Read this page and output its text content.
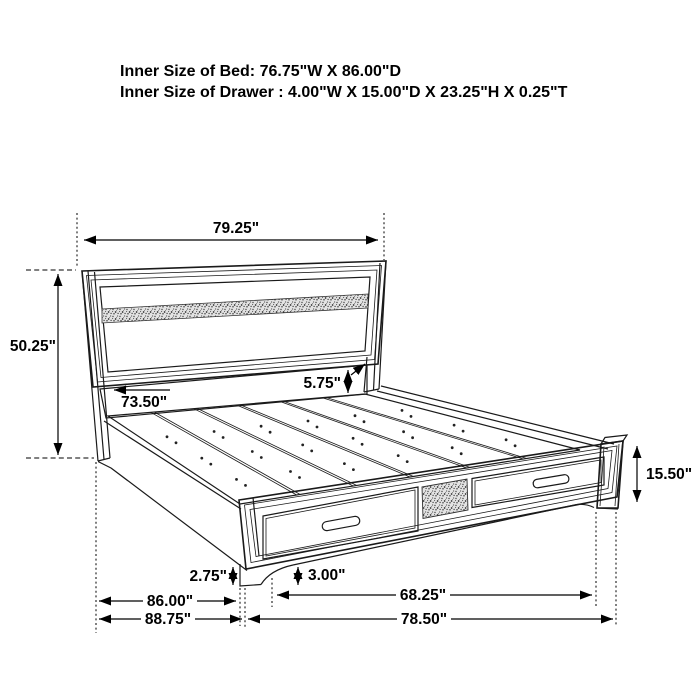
Inner Size of Bed: 76.75"W X 86.00"D
Inner Size of Drawer : 4.00"W X 15.00"D X 23.25"H X 0.25"T
79.25"
50.25"
73.50"
5.75"
15.50"
2.75"	3.00"
68.25"
86.00"
88.75"	78.50"
